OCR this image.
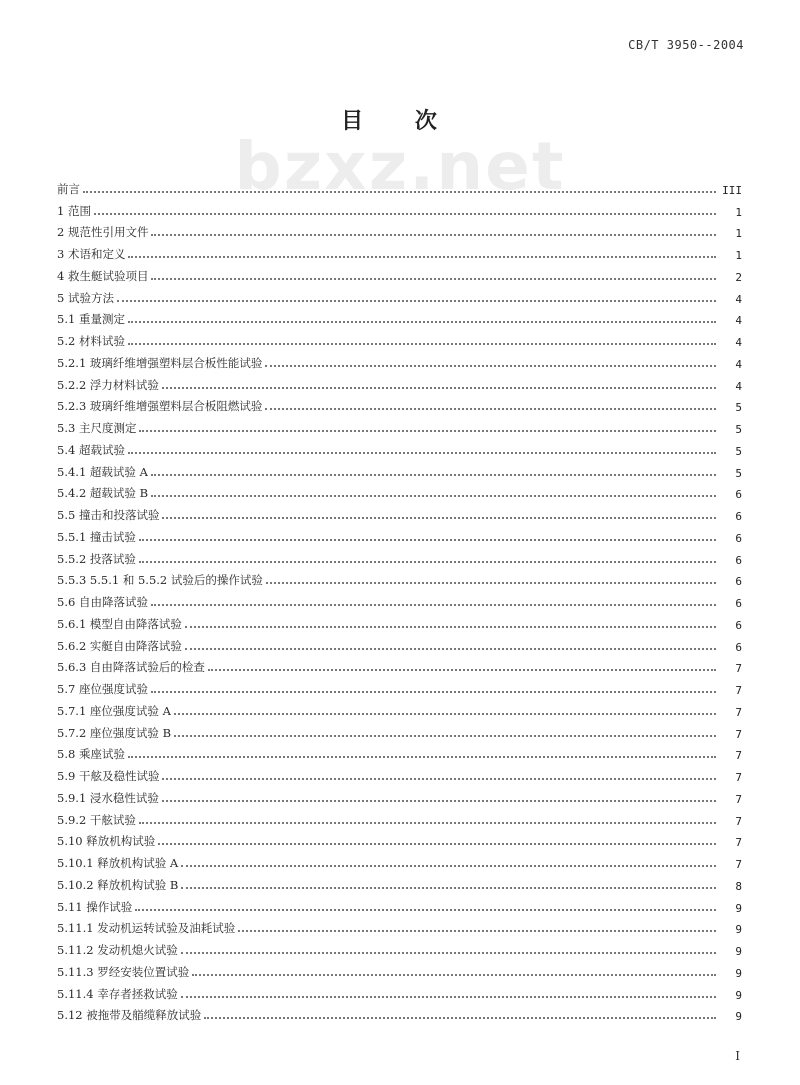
CB/T 3950--2004
目 次
bzxz.net
前言	III
1 范围	1
2 规范性引用文件	1
3 术语和定义	1
4 救生艇试验项目	2
5 试验方法	4
5.1 重量测定	4
5.2 材料试验	4
5.2.1 玻璃纤维增强塑料层合板性能试验	4
5.2.2 浮力材料试验	4
5.2.3 玻璃纤维增强塑料层合板阻燃试验	5
5.3 主尺度测定	5
5.4 超载试验	5
5.4.1 超载试验 A	5
5.4.2 超载试验 B	6
5.5 撞击和投落试验	6
5.5.1 撞击试验	6
5.5.2 投落试验	6
5.5.3 5.5.1 和 5.5.2 试验后的操作试验	6
5.6 自由降落试验	6
5.6.1 模型自由降落试验	6
5.6.2 实艇自由降落试验	6
5.6.3 自由降落试验后的检查	7
5.7 座位强度试验	7
5.7.1 座位强度试验 A	7
5.7.2 座位强度试验 B	7
5.8 乘座试验	7
5.9 干舷及稳性试验	7
5.9.1 浸水稳性试验	7
5.9.2 干舷试验	7
5.10 释放机构试验	7
5.10.1 释放机构试验 A	7
5.10.2 释放机构试验 B	8
5.11 操作试验	9
5.11.1 发动机运转试验及油耗试验	9
5.11.2 发动机熄火试验	9
5.11.3 罗经安装位置试验	9
5.11.4 幸存者拯救试验	9
5.12 被拖带及艏缆释放试验	9
I
